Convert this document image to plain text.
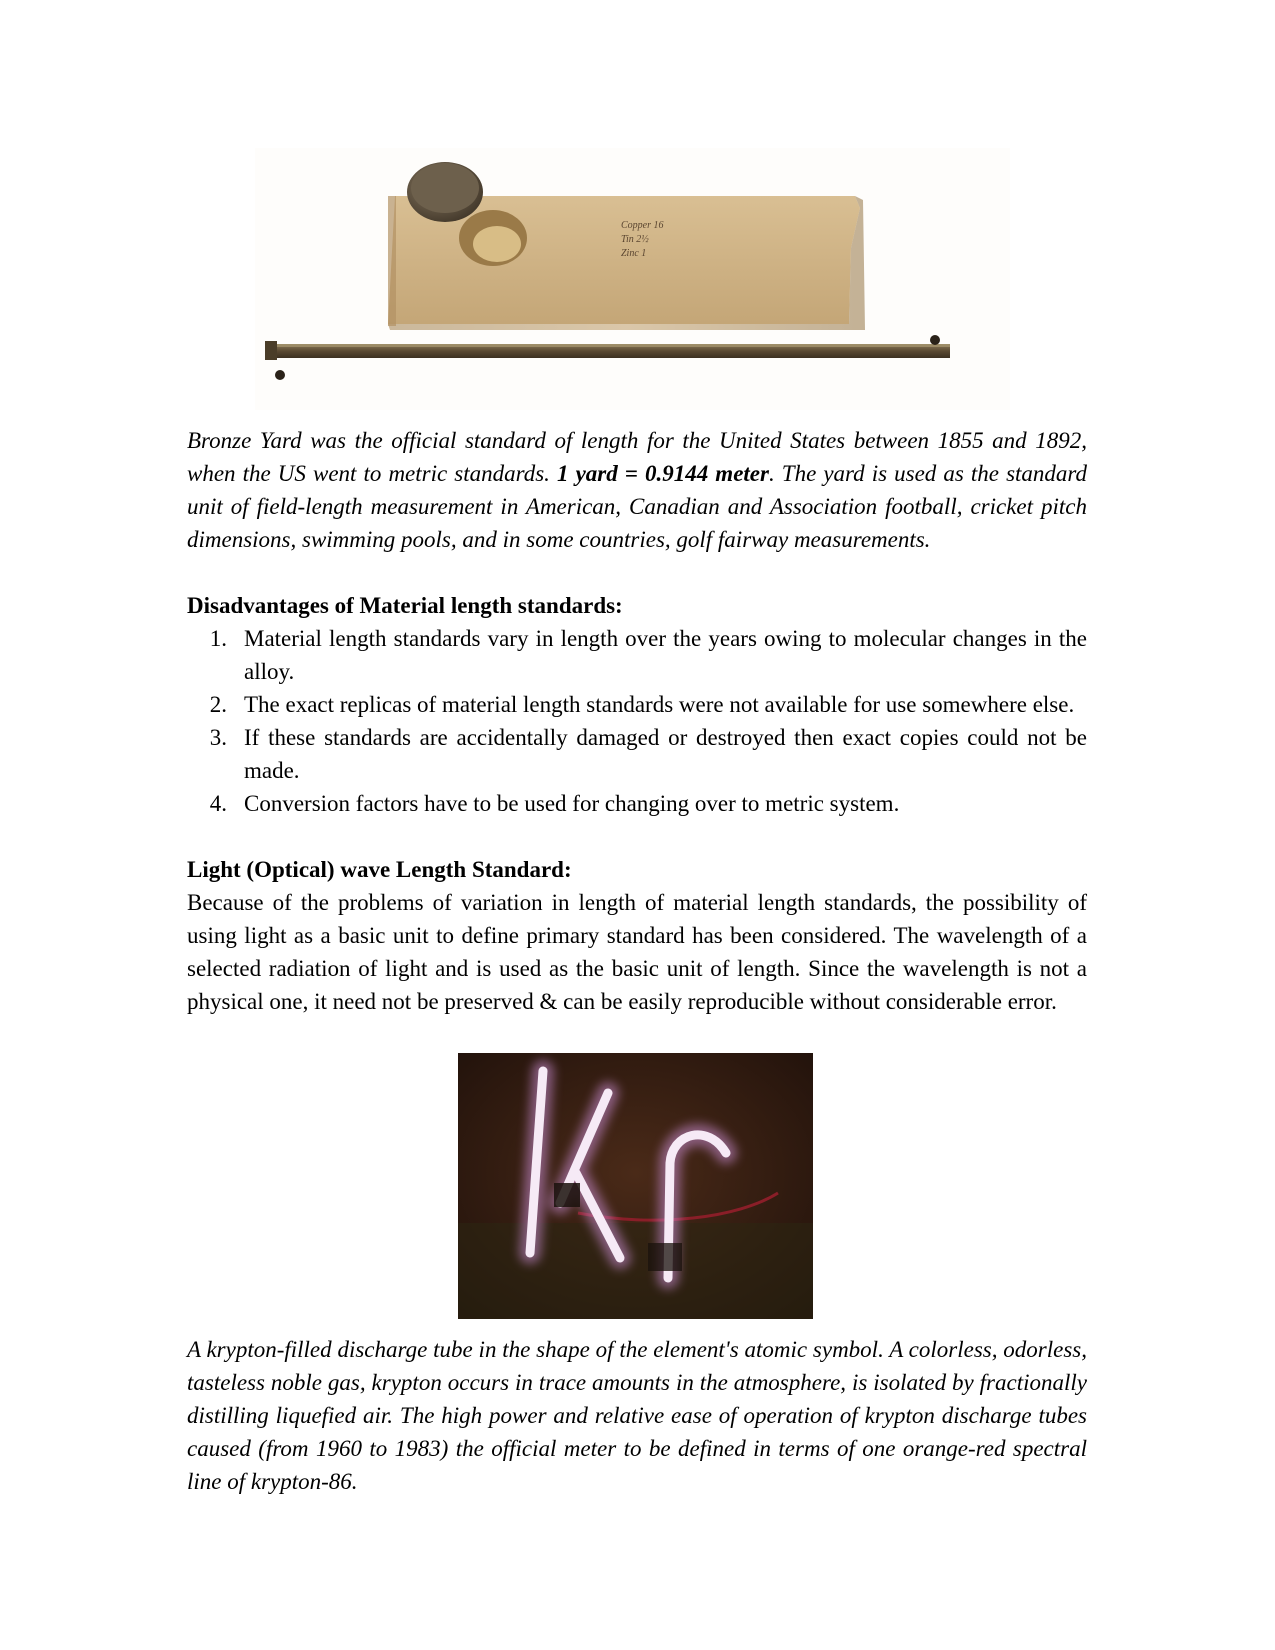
Copper 16
Tin 2½
Zinc 1
Bronze Yard was the official standard of length for the United States between 1855 and 1892, when the US went to metric standards. 1 yard = 0.9144 meter. The yard is used as the standard unit of field-length measurement in American, Canadian and Association football, cricket pitch dimensions, swimming pools, and in some countries, golf fairway measurements.
Disadvantages of Material length standards:
1. Material length standards vary in length over the years owing to molecular changes in the alloy.
2. The exact replicas of material length standards were not available for use somewhere else.
3. If these standards are accidentally damaged or destroyed then exact copies could not be made.
4. Conversion factors have to be used for changing over to metric system.
Light (Optical) wave Length Standard:
Because of the problems of variation in length of material length standards, the possibility of using light as a basic unit to define primary standard has been considered. The wavelength of a selected radiation of light and is used as the basic unit of length. Since the wavelength is not a physical one, it need not be preserved & can be easily reproducible without considerable error.
A krypton-filled discharge tube in the shape of the element's atomic symbol. A colorless, odorless, tasteless noble gas, krypton occurs in trace amounts in the atmosphere, is isolated by fractionally distilling liquefied air. The high power and relative ease of operation of krypton discharge tubes caused (from 1960 to 1983) the official meter to be defined in terms of one orange-red spectral line of krypton-86.
